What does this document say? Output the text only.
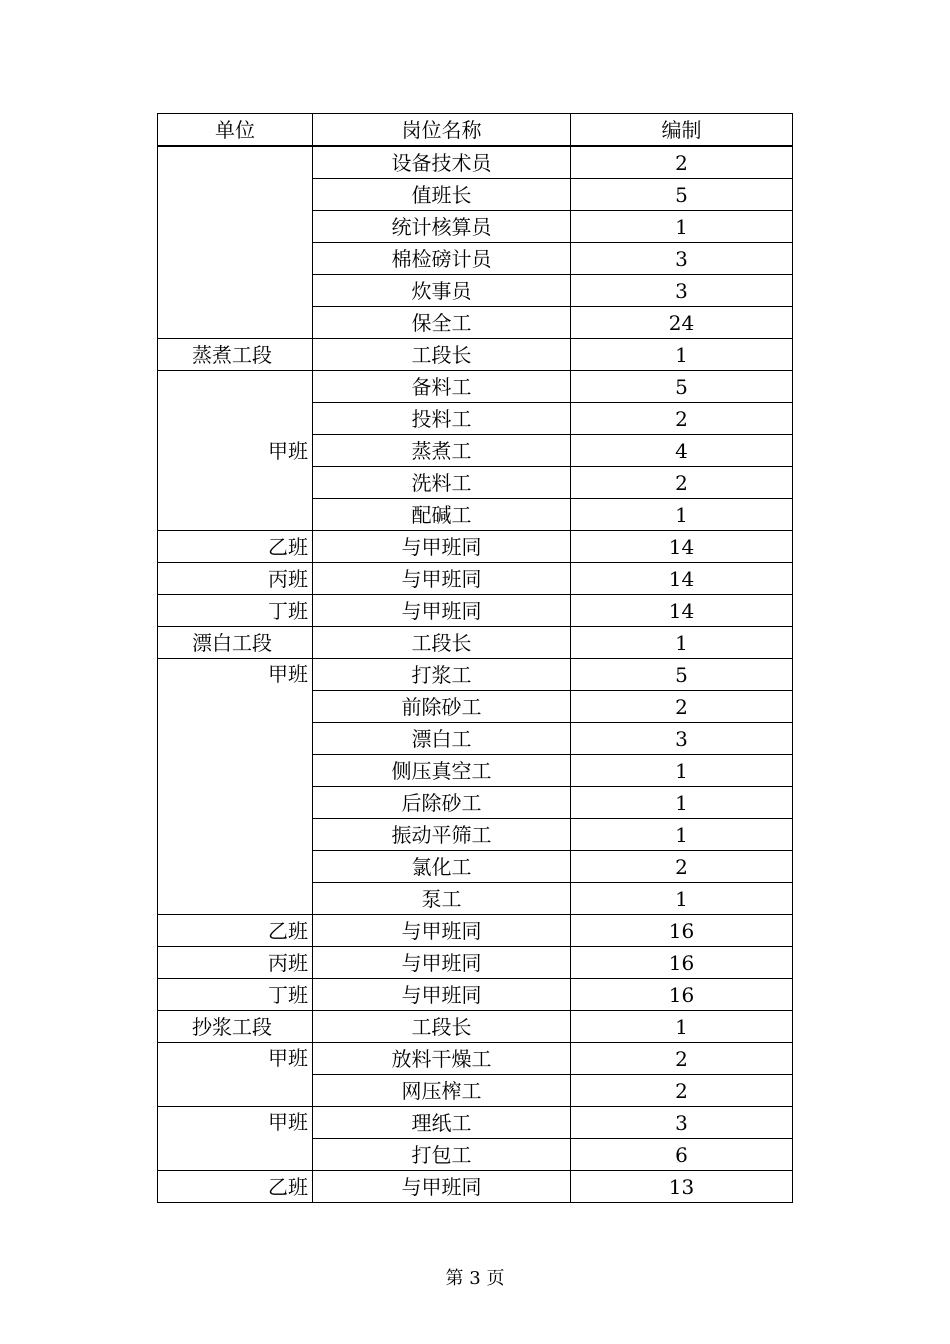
单位	岗位名称	编制
	设备技术员	2
	值班长	5
	统计核算员	1
	棉检磅计员	3
	炊事员	3
	保全工	24
蒸煮工段	工段长	1
甲班	备料工	5
	投料工	2
	蒸煮工	4
	洗料工	2
	配碱工	1
乙班	与甲班同	14
丙班	与甲班同	14
丁班	与甲班同	14
漂白工段	工段长	1
甲班	打浆工	5
	前除砂工	2
	漂白工	3
	侧压真空工	1
	后除砂工	1
	振动平筛工	1
	氯化工	2
	泵工	1
乙班	与甲班同	16
丙班	与甲班同	16
丁班	与甲班同	16
抄浆工段	工段长	1
甲班	放料干燥工	2
	网压榨工	2
甲班	理纸工	3
	打包工	6
乙班	与甲班同	13
第 3 页
